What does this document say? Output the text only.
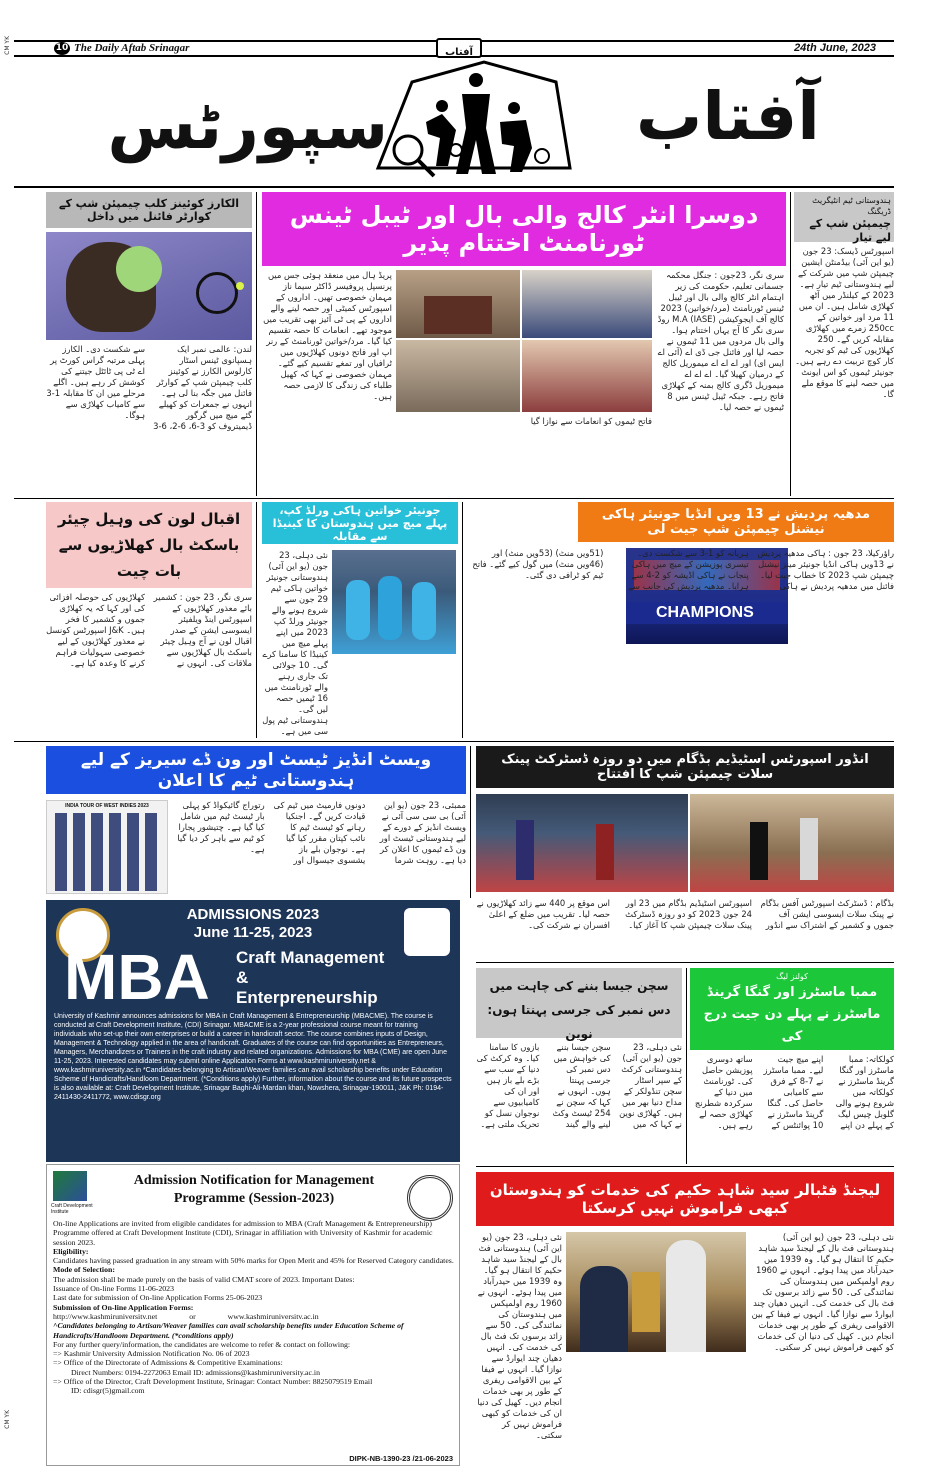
CM YK
CM YK
10 The Daily Aftab Srinagar	آفتاب	24th June, 2023
آفتاب
سپورٹس
الکارز کوئینز کلب چیمپئن شپ کے کوارٹر فائنل میں داخل
لندن: عالمی نمبر ایک ہسپانوی ٹینس اسٹار کارلوس الکارز نے کوئینز کلب چیمپئن شپ کے کوارٹر فائنل میں جگہ بنا لی ہے۔ انہوں نے جمعرات کو کھیلے گئے میچ میں گرگور ڈیمیتروف کو 3-6، 6-2، 6-3 سے شکست دی۔ الکارز پہلی مرتبہ گراس کورٹ پر اے ٹی پی ٹائٹل جیتنے کی کوشش کر رہے ہیں۔ اگلے مرحلے میں ان کا مقابلہ 1-3 سے کامیاب کھلاڑی سے ہوگا۔
دوسرا انٹر کالج والی بال اور ٹیبل ٹینس ٹورنامنٹ اختتام پذیر
سری نگر، 23جون : جنگل محکمہ جسمانی تعلیم، حکومت کی زیر اہتمام انٹر کالج والی بال اور ٹیبل ٹینس ٹورنامنٹ (مرد/خواتین) 2023 کالج آف ایجوکیشن M.A (IASE) روڈ سری نگر کا آج یہاں اختتام ہوا۔ والی بال مردوں میں 11 ٹیموں نے حصہ لیا اور فائنل جی ڈی اے (آئی اے ایس ای) اور اے اے اے میموریل کالج کے درمیان کھیلا گیا۔ اے اے اے میموریل ڈگری کالج بمنہ کے کھلاڑی فاتح رہے۔ جبکہ ٹیبل ٹینس میں 8 ٹیموں نے حصہ لیا۔
فاتح ٹیموں کو انعامات سے نوازا گیا
پریڈ ہال میں منعقد ہوئی جس میں پرنسپل پروفیسر ڈاکٹر سیما ناز مہمان خصوصی تھیں۔ اداروں کے اسپورٹس کمیٹی اور حصہ لینے والے اداروں کے پی ٹی آئیز بھی تقریب میں موجود تھے۔ انعامات کا حصہ تقسیم کیا گیا۔ مرد/خواتین ٹورنامنٹ کے رنر اپ اور فاتح دونوں کھلاڑیوں میں ٹرافیاں اور تمغے تقسیم کیے گئے۔ مہمان خصوصی نے کہا کہ کھیل طلباء کی زندگی کا لازمی حصہ ہیں۔
ہندوستانی ٹیم انٹیگریٹ ڈریگنگ
چیمپئن شپ کے لیے تیار
اسپورٹس ڈیسک: 23 جون (یو این آئی) بیڈمنٹن ایشین چیمپئن شپ میں شرکت کے لیے ہندوستانی ٹیم تیار ہے۔ 2023 کے کیلنڈر میں آٹھ کھلاڑی شامل ہیں۔ ان میں 11 مرد اور خواتین کے 250cc زمرے میں کھلاڑی مقابلہ کریں گے۔ 250 کھلاڑیوں کی ٹیم کو تجربہ کار کوچ تربیت دے رہے ہیں۔ جونیئر ٹیموں کو اس ایونٹ میں حصہ لینے کا موقع ملے گا۔
اقبال لون کی وہیل چیئر باسکٹ بال کھلاڑیوں سے بات چیت
سری نگر، 23 جون : کشمیر بائے معذور کھلاڑیوں کے اسپورٹس اینڈ ویلفیئر ایسوسی ایشن کے صدر اقبال لون نے آج وہیل چیئر باسکٹ بال کھلاڑیوں سے ملاقات کی۔ انہوں نے کھلاڑیوں کی حوصلہ افزائی کی اور کہا کہ یہ کھلاڑی جموں و کشمیر کا فخر ہیں۔ J&K اسپورٹس کونسل نے معذور کھلاڑیوں کے لیے خصوصی سہولیات فراہم کرنے کا وعدہ کیا ہے۔
جونیئر خواتین ہاکی ورلڈ کپ، پہلے میچ میں ہندوستان کا کینیڈا سے مقابلہ
نئی دہلی، 23 جون (یو این آئی) ہندوستانی جونیئر خواتین ہاکی ٹیم 29 جون سے شروع ہونے والے جونیئر ورلڈ کپ 2023 میں اپنے پہلے میچ میں کینیڈا کا سامنا کرے گی۔ 10 جولائی تک جاری رہنے والے ٹورنامنٹ میں 16 ٹیمیں حصہ لیں گی۔ ہندوستانی ٹیم پول سی میں ہے۔
مدھیہ پردیش نے 13 ویں انڈیا جونیئر ہاکی نیشنل چیمپئن شپ جیت لی
CHAMPIONS
راؤرکیلا، 23 جون : ہاکی مدھیہ پردیش نے 13ویں ہاکی انڈیا جونیئر مینز نیشنل چیمپئن شپ 2023 کا خطاب جیت لیا۔ فائنل میں مدھیہ پردیش نے ہاکی ہریانہ کو 1-3 سے شکست دی۔ تیسری پوزیشن کے میچ میں ہاکی پنجاب نے ہاکی اڈیشہ کو 2-4 سے ہرایا۔ مدھیہ پردیش کی جانب سے (51ویں منٹ) (53ویں منٹ) اور (46ویں منٹ) میں گول کیے گئے۔ فاتح ٹیم کو ٹرافی دی گئی۔
ویسٹ انڈیز ٹیسٹ اور ون ڈے سیریز کے لیے ہندوستانی ٹیم کا اعلان
INDIA TOUR OF WEST INDIES 2023	ممبئی، 23 جون (یو این آئی) بی سی سی آئی نے ویسٹ انڈیز کے دورے کے لیے ہندوستانی ٹیسٹ اور ون ڈے ٹیموں کا اعلان کر دیا ہے۔ روہت شرما دونوں فارمیٹ میں ٹیم کی قیادت کریں گے۔ اجنکیا رہانے کو ٹیسٹ ٹیم کا نائب کپتان مقرر کیا گیا ہے۔ نوجوان بلے باز یشسوی جیسوال اور رتوراج گائیکواڈ کو پہلی بار ٹیسٹ ٹیم میں شامل کیا گیا ہے۔ چتیشور پجارا کو ٹیم سے باہر کر دیا گیا ہے۔
انڈور اسپورٹس اسٹیڈیم بڈگام میں دو روزہ ڈسٹرکٹ پینک سلات چیمپئن شپ کا افتتاح
بڈگام : ڈسٹرکٹ اسپورٹس آفس بڈگام نے پینک سلات ایسوسی ایشن آف جموں و کشمیر کے اشتراک سے انڈور اسپورٹس اسٹیڈیم بڈگام میں 23 اور 24 جون 2023 کو دو روزہ ڈسٹرکٹ پینک سلات چیمپئن شپ کا آغاز کیا۔ اس موقع پر 440 سے زائد کھلاڑیوں نے حصہ لیا۔ تقریب میں ضلع کے اعلیٰ افسران نے شرکت کی۔
ADMISSIONS 2023
June 11-25, 2023
MBA Craft Management
&
Enterpreneurship
University of Kashmir announces admissions for MBA in Craft Management & Entrepreneurship (MBACME). The course is conducted at Craft Development Institute, (CDI) Srinagar. MBACME is a 2-year professional course meant for training individuals who set-up their own enterprises or build a career in handicraft sector. The course combines inputs of Design, Management & Technology applied in the area of handicraft. Graduates of the course can find opportunities as Entrepreneurs, Managers, Merchandizers or Trainers in the craft industry and related organizations. Admissions for MBA (CME) are open June 11-25, 2023. Interested candidates may submit online Application Forms at www.kashmiruniversity.net & www.kashmiruniversity.ac.in *Candidates belonging to Artisan/Weaver families can avail scholarship benefits under Education Scheme of Handicrafts/Handloom Department. (*Conditions apply) Further, information about the course and its future prospects is also available at: Craft Development Institute, Srinagar Baghi-Ali-Mardan khan, Nowshera, Srinagar-190011, J&K Ph: 0194-2411430-2411772, www.cdisgr.org
Craft Development Institute
Admission Notification for Management
Programme (Session-2023)
On-line Applications are invited from eligible candidates for admission to MBA (Craft Management & Entrepreneurship) Programme offered at Craft Development Institute (CDI), Srinagar in affiliation with University of Kashmir for academic session 2023.
Eligibility:
Candidates having passed graduation in any stream with 50% marks for Open Merit and 45% for Reserved Category candidates.
Mode of Selection:
The admission shall be made purely on the basis of valid CMAT score of 2023. Important Dates:
Issuance of On-line Forms 11-06-2023
Last date for submission of On-line Application Forms 25-06-2023
Submission of On-line Application Forms:
http://www.kashmiruniversitv.net	or	www.kashmiruniversitv.ac.in
^Candidates belonging to Artisan/Weaver families can avail scholarship benefits under Education Scheme of Handicrafts/Handloom Department. (*conditions apply)
For any further query/information, the candidates are welcome to refer & contact on following:
=> Kashmir University Admission Notification No. 06 of 2023
=> Office of the Directorate of Admissions & Competitive Examinations:
Direct Numbers: 0194-2272063 Email ID: admissions@kashmiruniversity.ac.in
=> Office of the Director, Craft Development Institute, Srinagar: Contact Number: 8825079519 Email
ID: cdisgr(5)gmail.com
DIPK-NB-1390-23 /21-06-2023
سچن جیسا بننے کی چاہت میں
دس نمبر کی جرسی پہنتا ہوں: نوین
نئی دہلی، 23 جون (یو این آئی) ہندوستانی کرکٹ کے سپر اسٹار سچن تنڈولکر کے مداح دنیا بھر میں ہیں۔ کھلاڑی نوین نے کہا کہ میں سچن جیسا بننے کی خواہش میں دس نمبر کی جرسی پہنتا ہوں۔ انہوں نے کہا کہ سچن نے 254 ٹیسٹ وکٹ لینے والے گیند بازوں کا سامنا کیا۔ وہ کرکٹ کی دنیا کے سب سے بڑے بلے باز ہیں اور ان کی کامیابیوں سے نوجوان نسل کو تحریک ملتی ہے۔
کولنز لیگ
ممبا ماسٹرز اور گنگا گرینڈ ماسٹرز نے پہلے دن جیت درج کی
کولکاتہ: ممبا ماسٹرز اور گنگا گرینڈ ماسٹرز نے کولکاتہ میں شروع ہونے والی گلوبل چیس لیگ کے پہلے دن اپنے اپنے میچ جیت لیے۔ ممبا ماسٹرز نے 7-8 کے فرق سے کامیابی حاصل کی۔ گنگا گرینڈ ماسٹرز نے 10 پوائنٹس کے ساتھ دوسری پوزیشن حاصل کی۔ ٹورنامنٹ میں دنیا کے سرکردہ شطرنج کھلاڑی حصہ لے رہے ہیں۔
لیجنڈ فٹبالر سید شاہد حکیم کی خدمات کو ہندوستان کبھی فراموش نہیں کرسکتا
نئی دہلی، 23 جون (یو این آئی) ہندوستانی فٹ بال کے لیجنڈ سید شاہد حکیم کا انتقال ہو گیا۔ وہ 1939 میں حیدرآباد میں پیدا ہوئے۔ انہوں نے 1960 روم اولمپکس میں ہندوستان کی نمائندگی کی۔ 50 سے زائد برسوں تک فٹ بال کی خدمت کی۔ انہیں دھیان چند ایوارڈ سے نوازا گیا۔ انہوں نے فیفا کے بین الاقوامی ریفری کے طور پر بھی خدمات انجام دیں۔ کھیل کی دنیا ان کی خدمات کو کبھی فراموش نہیں کر سکتی۔
نئی دہلی، 23 جون (یو این آئی) ہندوستانی فٹ بال کے لیجنڈ سید شاہد حکیم کا انتقال ہو گیا۔ وہ 1939 میں حیدرآباد میں پیدا ہوئے۔ انہوں نے 1960 روم اولمپکس میں ہندوستان کی نمائندگی کی۔ 50 سے زائد برسوں تک فٹ بال کی خدمت کی۔ انہیں دھیان چند ایوارڈ سے نوازا گیا۔ انہوں نے فیفا کے بین الاقوامی ریفری کے طور پر بھی خدمات انجام دیں۔ کھیل کی دنیا ان کی خدمات کو کبھی فراموش نہیں کر سکتی۔
